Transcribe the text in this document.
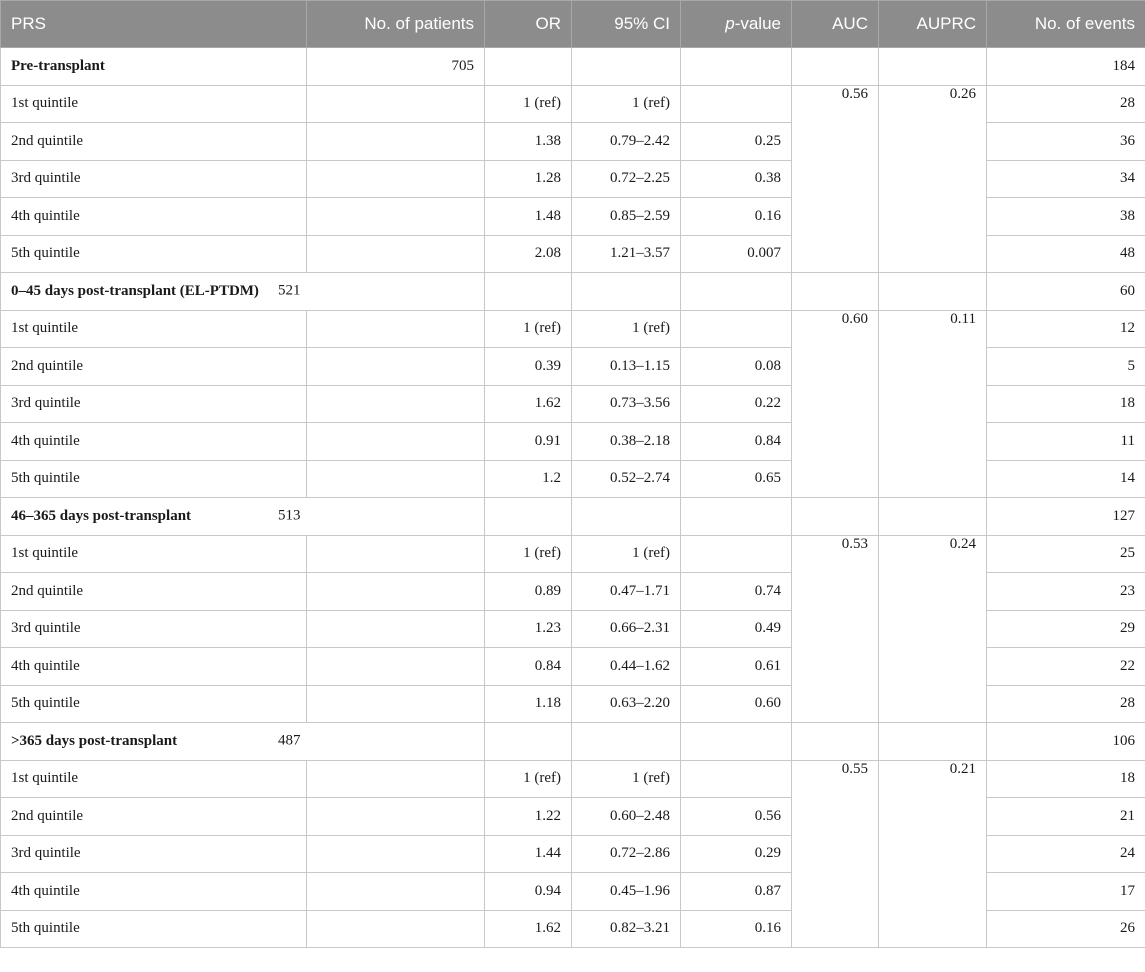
PRS	No. of patients	OR	95% CI	p-value	AUC	AUPRC	No. of events
Pre-transplant	705						184
1st quintile		1 (ref)	1 (ref)		0.56	0.26	28
2nd quintile		1.38	0.79–2.42	0.25			36
3rd quintile		1.28	0.72–2.25	0.38			34
4th quintile		1.48	0.85–2.59	0.16			38
5th quintile		2.08	1.21–3.57	0.007			48
0–45 days post-transplant (EL-PTDM) 521							60
1st quintile		1 (ref)	1 (ref)		0.60	0.11	12
2nd quintile		0.39	0.13–1.15	0.08			5
3rd quintile		1.62	0.73–3.56	0.22			18
4th quintile		0.91	0.38–2.18	0.84			11
5th quintile		1.2	0.52–2.74	0.65			14
46–365 days post-transplant 513							127
1st quintile		1 (ref)	1 (ref)		0.53	0.24	25
2nd quintile		0.89	0.47–1.71	0.74			23
3rd quintile		1.23	0.66–2.31	0.49			29
4th quintile		0.84	0.44–1.62	0.61			22
5th quintile		1.18	0.63–2.20	0.60			28
>365 days post-transplant 487							106
1st quintile		1 (ref)	1 (ref)		0.55	0.21	18
2nd quintile		1.22	0.60–2.48	0.56			21
3rd quintile		1.44	0.72–2.86	0.29			24
4th quintile		0.94	0.45–1.96	0.87			17
5th quintile		1.62	0.82–3.21	0.16			26
